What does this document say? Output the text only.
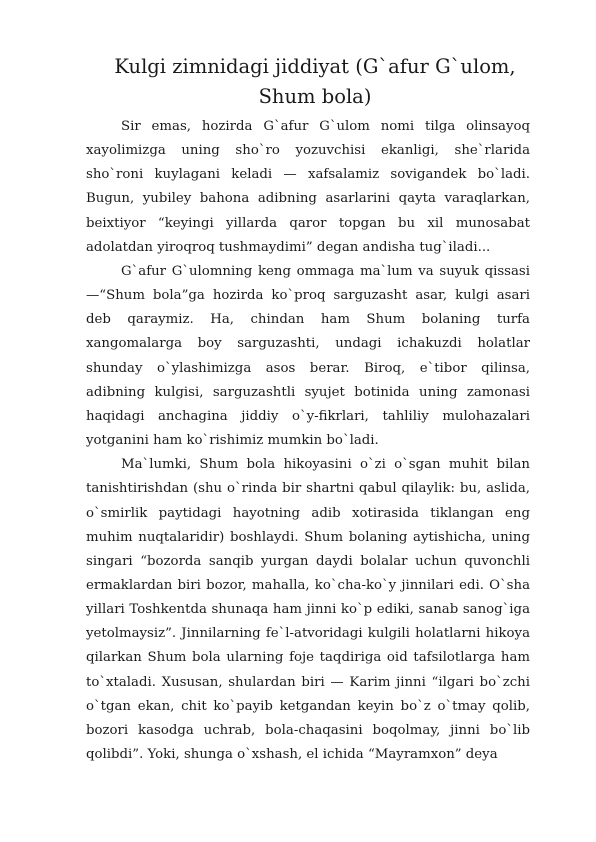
Kulgi zimnidagi jiddiyat (G`afur G`ulom, Shum bola)

Sir emas, hozirda G`afur G`ulom nomi tilga olinsayoq xayolimizga uning sho`ro yozuvchisi ekanligi, she`rlarida sho`roni kuylagani keladi — xafsalamiz sovigandek bo`ladi. Bugun, yubiley bahona adibning asarlarini qayta varaqlarkan, beixtiyor “keyingi yillarda qaror topgan bu xil munosabat adolatdan yiroqroq tushmaydimi” degan andisha tug`iladi...

G`afur G`ulomning keng ommaga ma`lum va suyuk qissasi —“Shum bola”ga hozirda ko`proq sarguzasht asar, kulgi asari deb qaraymiz. Ha, chindan ham Shum bolaning turfa xangomalarga boy sarguzashti, undagi ichakuzdi holatlar shunday o`ylashimizga asos berar. Biroq, e`tibor qilinsa, adibning kulgisi, sarguzashtli syujet botinida uning zamonasi haqidagi anchagina jiddiy o`y-fikrlari, tahliliy mulohazalari yotganini ham ko`rishimiz mumkin bo`ladi.

Ma`lumki, Shum bola hikoyasini o`zi o`sgan muhit bilan tanishtirishdan (shu o`rinda bir shartni qabul qilaylik: bu, aslida, o`smirlik paytidagi hayotning adib xotirasida tiklangan eng muhim nuqtalaridir) boshlaydi. Shum bolaning aytishicha, uning singari “bozorda sanqib yurgan daydi bolalar uchun quvonchli ermaklardan biri bozor, mahalla, ko`cha-ko`y jinnilari edi. O`sha yillari Toshkentda shunaqa ham jinni ko`p ediki, sanab sanog`iga yetolmaysiz”. Jinnilarning fe`l-atvoridagi kulgili holatlarni hikoya qilarkan Shum bola ularning foje taqdiriga oid tafsilotlarga ham to`xtaladi. Xususan, shulardan biri — Karim jinni “ilgari bo`zchi o`tgan ekan, chit ko`payib ketgandan keyin bo`z o`tmay qolib, bozori kasodga uchrab, bola-chaqasini boqolmay, jinni bo`lib qolibdi”. Yoki, shunga o`xshash, el ichida “Mayramxon” deya
